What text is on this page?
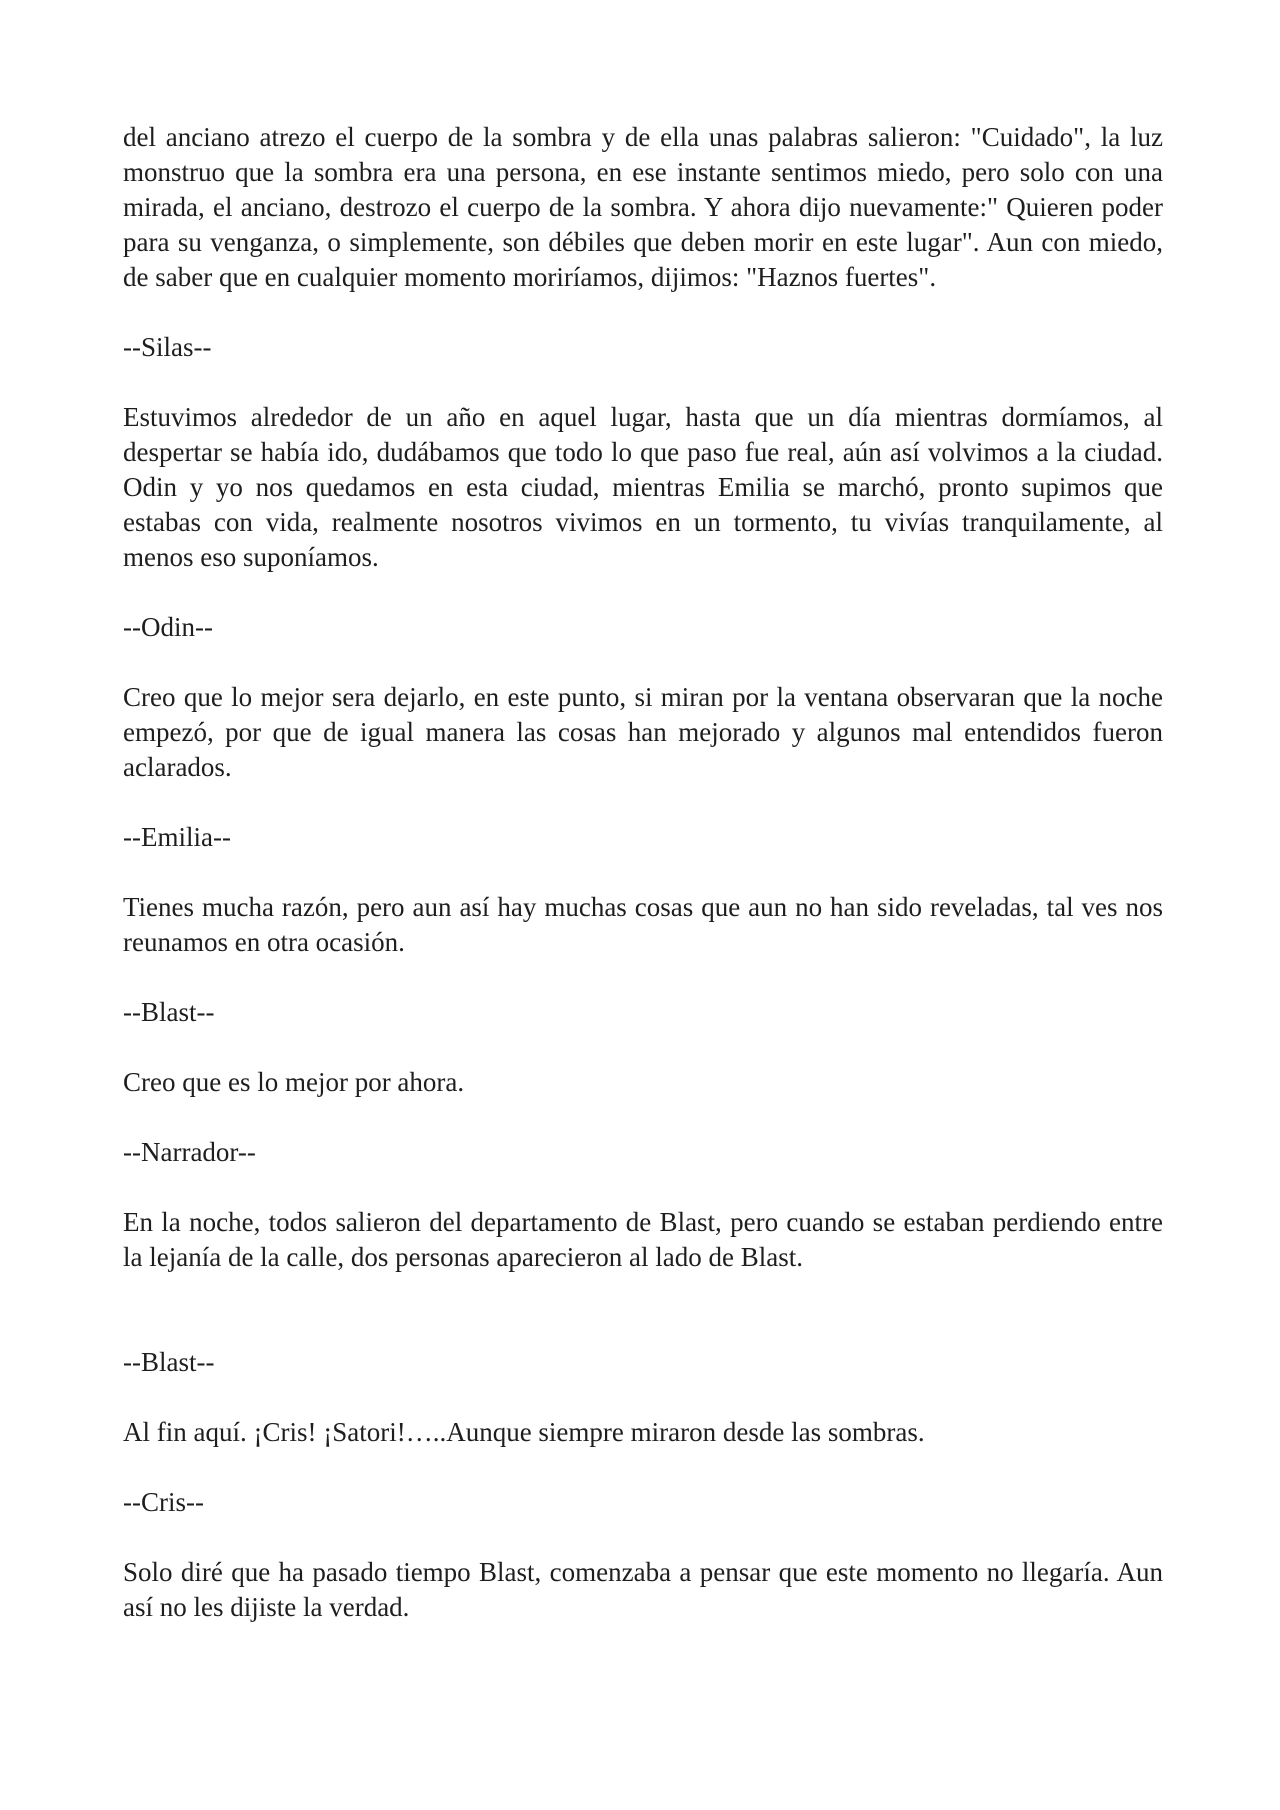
del anciano atrezo el cuerpo de la sombra y de ella unas palabras salieron: "Cuidado", la luz monstruo que la sombra era una persona, en ese instante sentimos miedo, pero solo con una mirada, el anciano, destrozo el cuerpo de la sombra. Y ahora dijo nuevamente:" Quieren poder para su venganza, o simplemente, son débiles que deben morir en este lugar". Aun con miedo, de saber que en cualquier momento moriríamos, dijimos: "Haznos fuertes".

--Silas--

Estuvimos alrededor de un año en aquel lugar, hasta que un día mientras dormíamos, al despertar se había ido, dudábamos que todo lo que paso fue real, aún así volvimos a la ciudad. Odin y yo nos quedamos en esta ciudad, mientras Emilia se marchó, pronto supimos que estabas con vida, realmente nosotros vivimos en un tormento, tu vivías tranquilamente, al menos eso suponíamos.

--Odin--

Creo que lo mejor sera dejarlo, en este punto, si miran por la ventana observaran que la noche empezó, por que de igual manera las cosas han mejorado y algunos mal entendidos fueron aclarados.

--Emilia--

Tienes mucha razón, pero aun así hay muchas cosas que aun no han sido reveladas, tal ves nos reunamos en otra ocasión.

--Blast--

Creo que es lo mejor por ahora.

--Narrador--

En la noche, todos salieron del departamento de Blast, pero cuando se estaban perdiendo entre la lejanía de la calle, dos personas aparecieron al lado de Blast.

--Blast--

Al fin aquí. ¡Cris! ¡Satori!…..Aunque siempre miraron desde las sombras.

--Cris--

Solo diré que ha pasado tiempo Blast, comenzaba a pensar que este momento no llegaría. Aun así no les dijiste la verdad.
